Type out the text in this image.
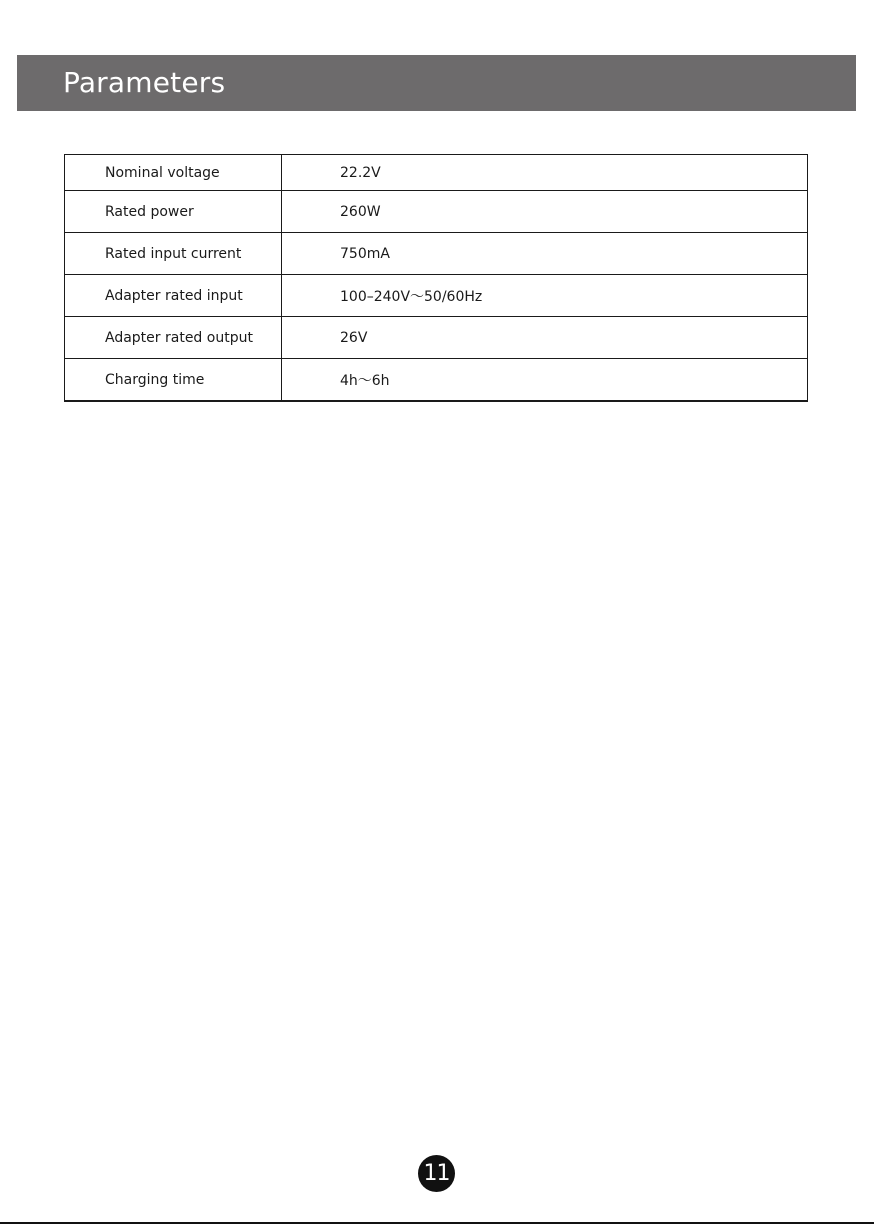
Parameters
Nominal voltage	22.2V
Rated power	260W
Rated input current	750mA
Adapter rated input	100–240V～50/60Hz
Adapter rated output	26V
Charging time	4h～6h
11
